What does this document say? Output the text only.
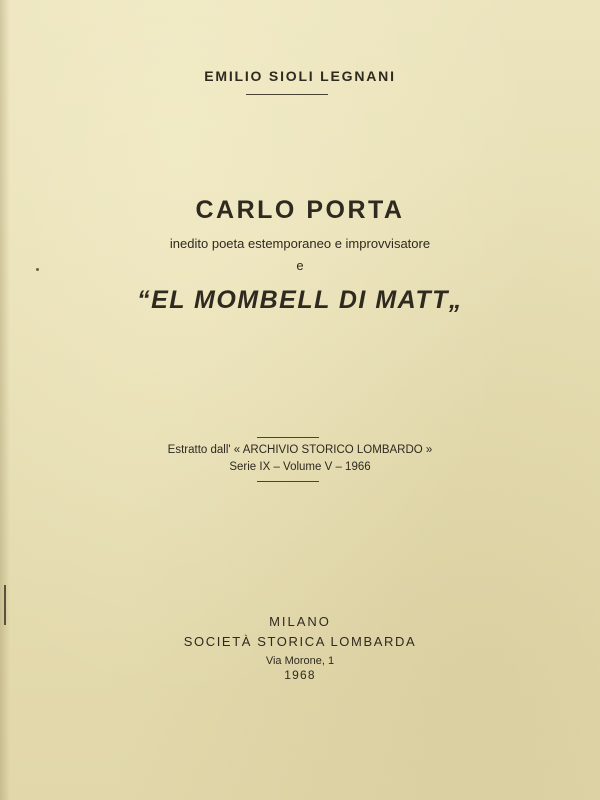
EMILIO SIOLI LEGNANI
CARLO PORTA
inedito poeta estemporaneo e improvvisatore
e
“EL MOMBELL DI MATT„
Estratto dall' « ARCHIVIO STORICO LOMBARDO »
Serie IX – Volume V – 1966
MILANO
SOCIETÀ STORICA LOMBARDA
Via Morone, 1
1968
